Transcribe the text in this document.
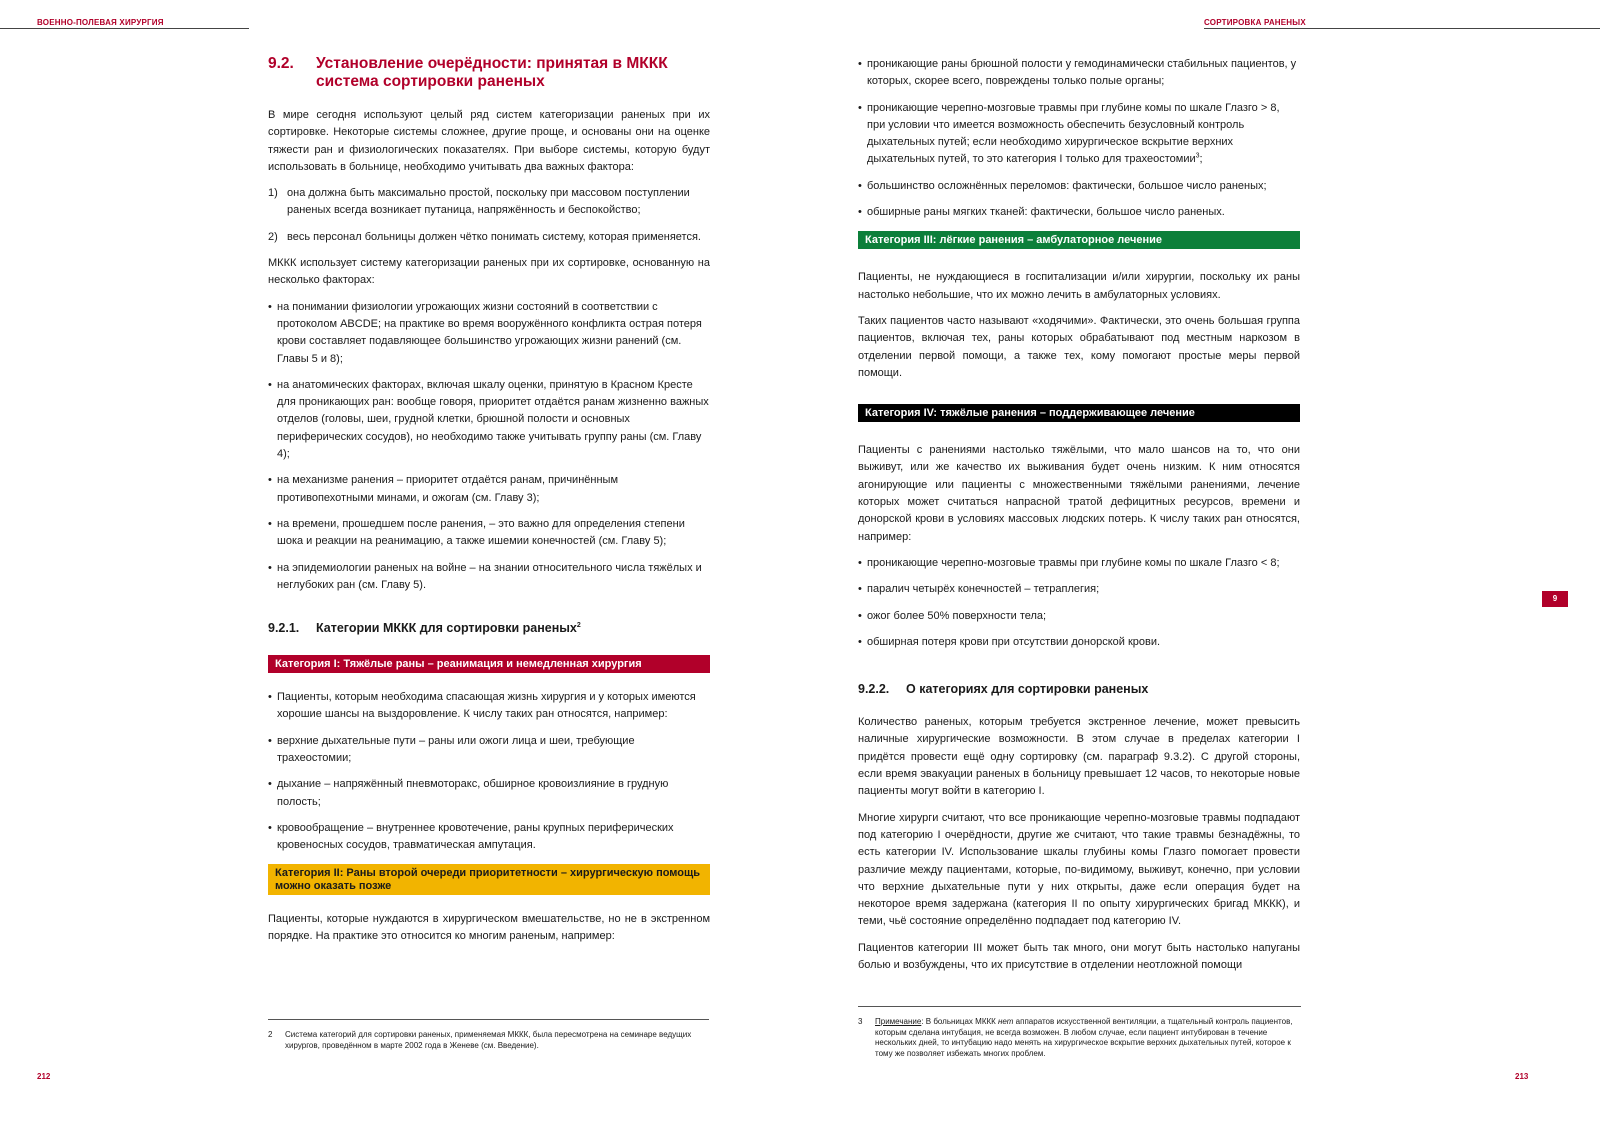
ВОЕННО-ПОЛЕВАЯ ХИРУРГИЯ	СОРТИРОВКА РАНЕНЫХ
9.2.	Установление очерёдности: принятая в МККК система сортировки раненых

В мире сегодня используют целый ряд систем категоризации раненых при их сортировке. Некоторые системы сложнее, другие проще, и основаны они на оценке тяжести ран и физиологических показателях. При выборе системы, которую будут использовать в больнице, необходимо учитывать два важных фактора:

1) она должна быть максимально простой, поскольку при массовом поступлении раненых всегда возникает путаница, напряжённость и беспокойство;
2) весь персонал больницы должен чётко понимать систему, которая применяется.

МККК использует систему категоризации раненых при их сортировке, основанную на несколько факторах:

• на понимании физиологии угрожающих жизни состояний в соответствии с протоколом ABCDE; на практике во время вооружённого конфликта острая потеря крови составляет подавляющее большинство угрожающих жизни ранений (см. Главы 5 и 8);
• на анатомических факторах, включая шкалу оценки, принятую в Красном Кресте для проникающих ран: вообще говоря, приоритет отдаётся ранам жизненно важных отделов (головы, шеи, грудной клетки, брюшной полости и основных периферических сосудов), но необходимо также учитывать группу раны (см. Главу 4);
• на механизме ранения – приоритет отдаётся ранам, причинённым противопехотными минами, и ожогам (см. Главу 3);
• на времени, прошедшем после ранения, – это важно для определения степени шока и реакции на реанимацию, а также ишемии конечностей (см. Главу 5);
• на эпидемиологии раненых на войне – на знании относительного числа тяжёлых и неглубоких ран (см. Главу 5).
9.2.1.	Категории МККК для сортировки раненых$^2$
Категория I: Тяжёлые раны – реанимация и немедленная хирургия
• Пациенты, которым необходима спасающая жизнь хирургия и у которых имеются хорошие шансы на выздоровление. К числу таких ран относятся, например:
• верхние дыхательные пути – раны или ожоги лица и шеи, требующие трахеостомии;
• дыхание – напряжённый пневмоторакс, обширное кровоизлияние в грудную полость;
• кровообращение – внутреннее кровотечение, раны крупных периферических кровеносных сосудов, травматическая ампутация.
Категория II: Раны второй очереди приоритетности – хирургическую помощь можно оказать позже

Пациенты, которые нуждаются в хирургическом вмешательстве, но не в экстренном порядке. На практике это относится ко многим раненым, например:

2	Система категорий для сортировки раненых, применяемая МККК, была пересмотрена на семинаре ведущих хирургов, проведённом в марте 2002 года в Женеве (см. Введение).
212
• проникающие раны брюшной полости у гемодинамически стабильных пациентов, у которых, скорее всего, повреждены только полые органы;
• проникающие черепно-мозговые травмы при глубине комы по шкале Глазго > 8, при условии что имеется возможность обеспечить безусловный контроль дыхательных путей; если необходимо хирургическое вскрытие верхних дыхательных путей, то это категория I только для трахеостомии$^3$;
• большинство осложнённых переломов: фактически, большое число раненых;
• обширные раны мягких тканей: фактически, большое число раненых.
Категория III: лёгкие ранения – амбулаторное лечение

Пациенты, не нуждающиеся в госпитализации и/или хирургии, поскольку их раны настолько небольшие, что их можно лечить в амбулаторных условиях.

Таких пациентов часто называют «ходячими». Фактически, это очень большая группа пациентов, включая тех, раны которых обрабатывают под местным наркозом в отделении первой помощи, а также тех, кому помогают простые меры первой помощи.

Категория IV: тяжёлые ранения – поддерживающее лечение

Пациенты с ранениями настолько тяжёлыми, что мало шансов на то, что они выживут, или же качество их выживания будет очень низким. К ним относятся агонирующие или пациенты с множественными тяжёлыми ранениями, лечение которых может считаться напрасной тратой дефицитных ресурсов, времени и донорской крови в условиях массовых людских потерь. К числу таких ран относятся, например:

• проникающие черепно-мозговые травмы при глубине комы по шкале Глазго < 8;
• паралич четырёх конечностей – тетраплегия;
• ожог более 50% поверхности тела;
• обширная потеря крови при отсутствии донорской крови.
9.2.2.	О категориях для сортировки раненых

Количество раненых, которым требуется экстренное лечение, может превысить наличные хирургические возможности. В этом случае в пределах категории I придётся провести ещё одну сортировку (см. параграф 9.3.2). С другой стороны, если время эвакуации раненых в больницу превышает 12 часов, то некоторые новые пациенты могут войти в категорию I.

Многие хирурги считают, что все проникающие черепно-мозговые травмы подпадают под категорию I очерёдности, другие же считают, что такие травмы безнадёжны, то есть категории IV. Использование шкалы глубины комы Глазго помогает провести различие между пациентами, которые, по-видимому, выживут, конечно, при условии что верхние дыхательные пути у них открыты, даже если операция будет на некоторое время задержана (категория II по опыту хирургических бригад МККК), и теми, чьё состояние определённо подпадает под категорию IV.

Пациентов категории III может быть так много, они могут быть настолько напуганы болью и возбуждены, что их присутствие в отделении неотложной помощи

3	Примечание: В больницах МККК нет аппаратов искусственной вентиляции, а тщательный контроль пациентов, которым сделана интубация, не всегда возможен. В любом случае, если пациент интубирован в течение нескольких дней, то интубацию надо менять на хирургическое вскрытие верхних дыхательных путей, которое к тому же позволяет избежать многих проблем.
213
9
